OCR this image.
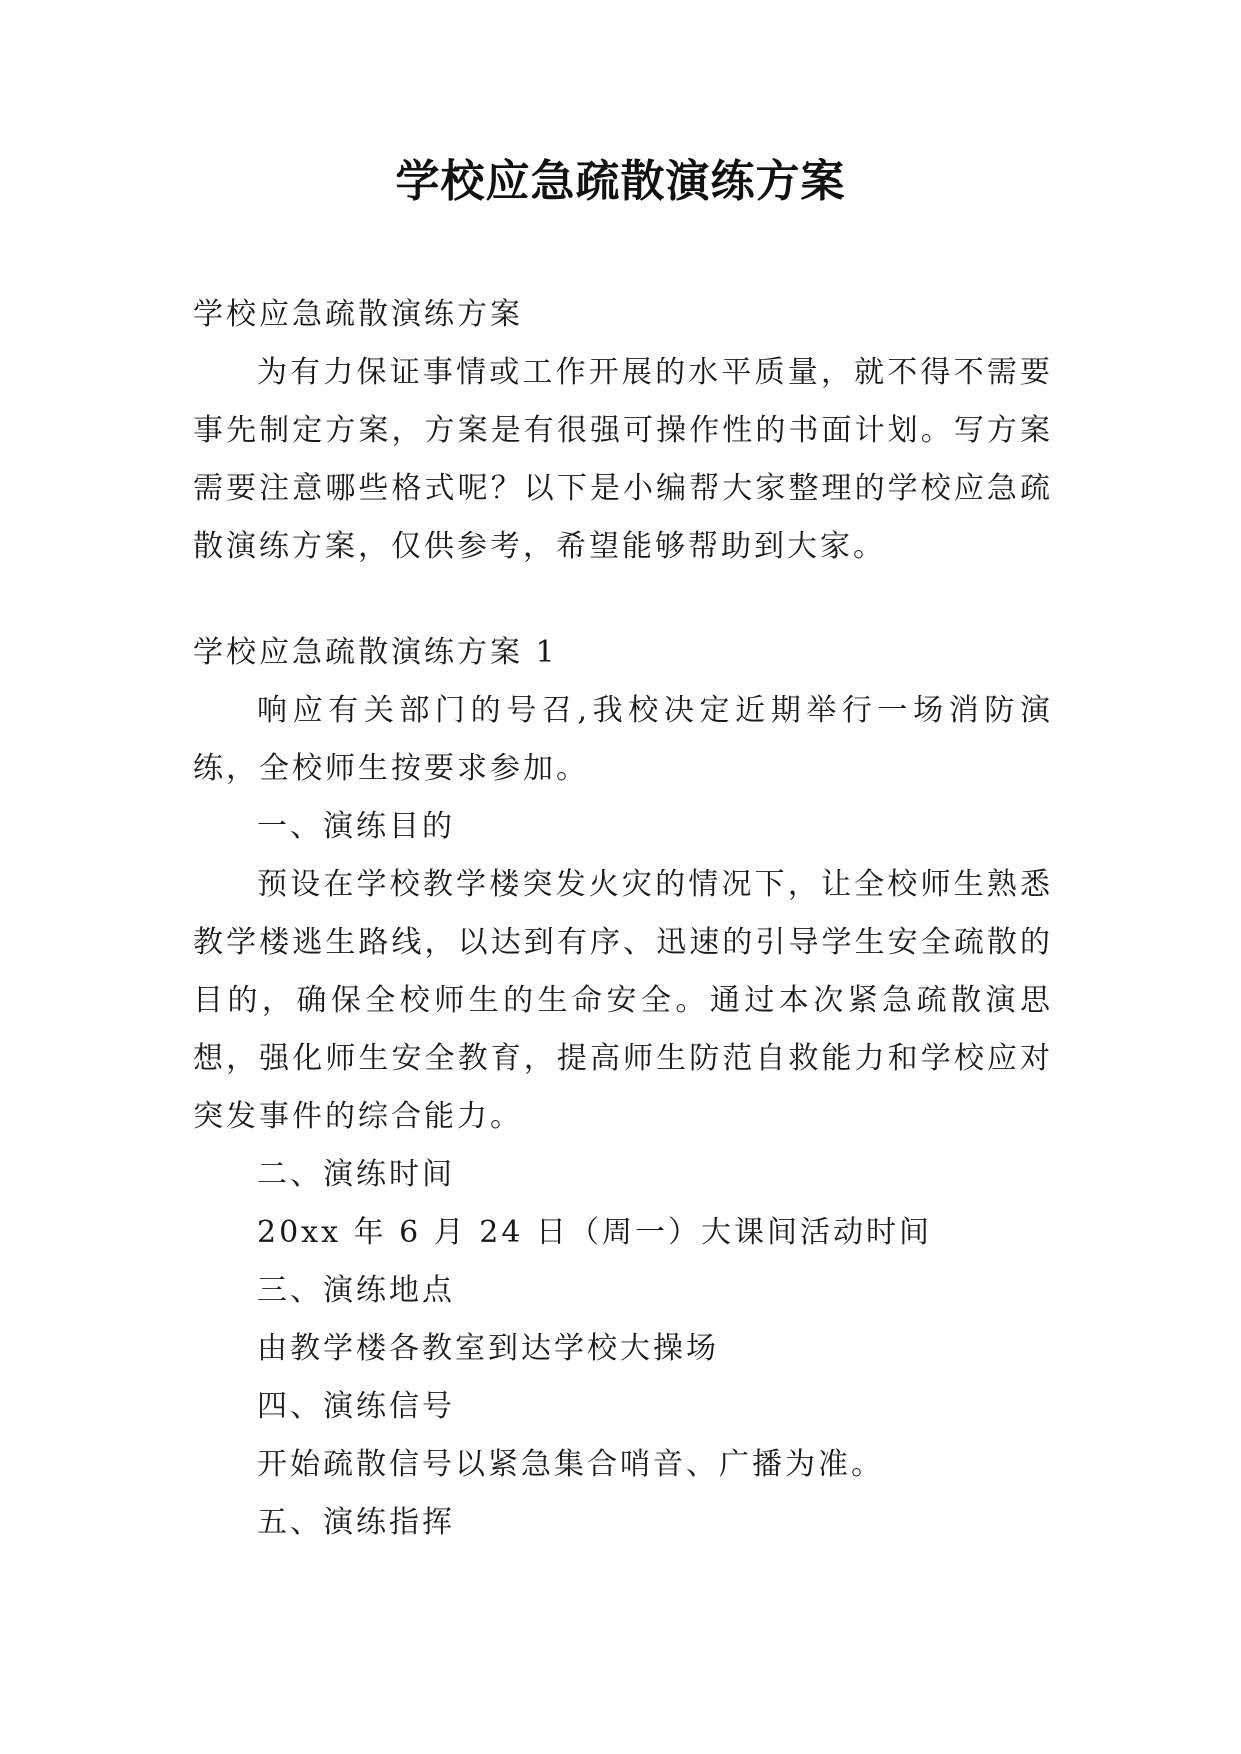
学校应急疏散演练方案

学校应急疏散演练方案

为有力保证事情或工作开展的水平质量，就不得不需要事先制定方案，方案是有很强可操作性的书面计划。写方案需要注意哪些格式呢？以下是小编帮大家整理的学校应急疏散演练方案，仅供参考，希望能够帮助到大家。

学校应急疏散演练方案 1

响应有关部门的号召,我校决定近期举行一场消防演练，全校师生按要求参加。

一、演练目的

预设在学校教学楼突发火灾的情况下，让全校师生熟悉教学楼逃生路线，以达到有序、迅速的引导学生安全疏散的目的，确保全校师生的生命安全。通过本次紧急疏散演思想，强化师生安全教育，提高师生防范自救能力和学校应对突发事件的综合能力。

二、演练时间

20xx 年 6 月 24 日（周一）大课间活动时间

三、演练地点

由教学楼各教室到达学校大操场

四、演练信号

开始疏散信号以紧急集合哨音、广播为准。

五、演练指挥
